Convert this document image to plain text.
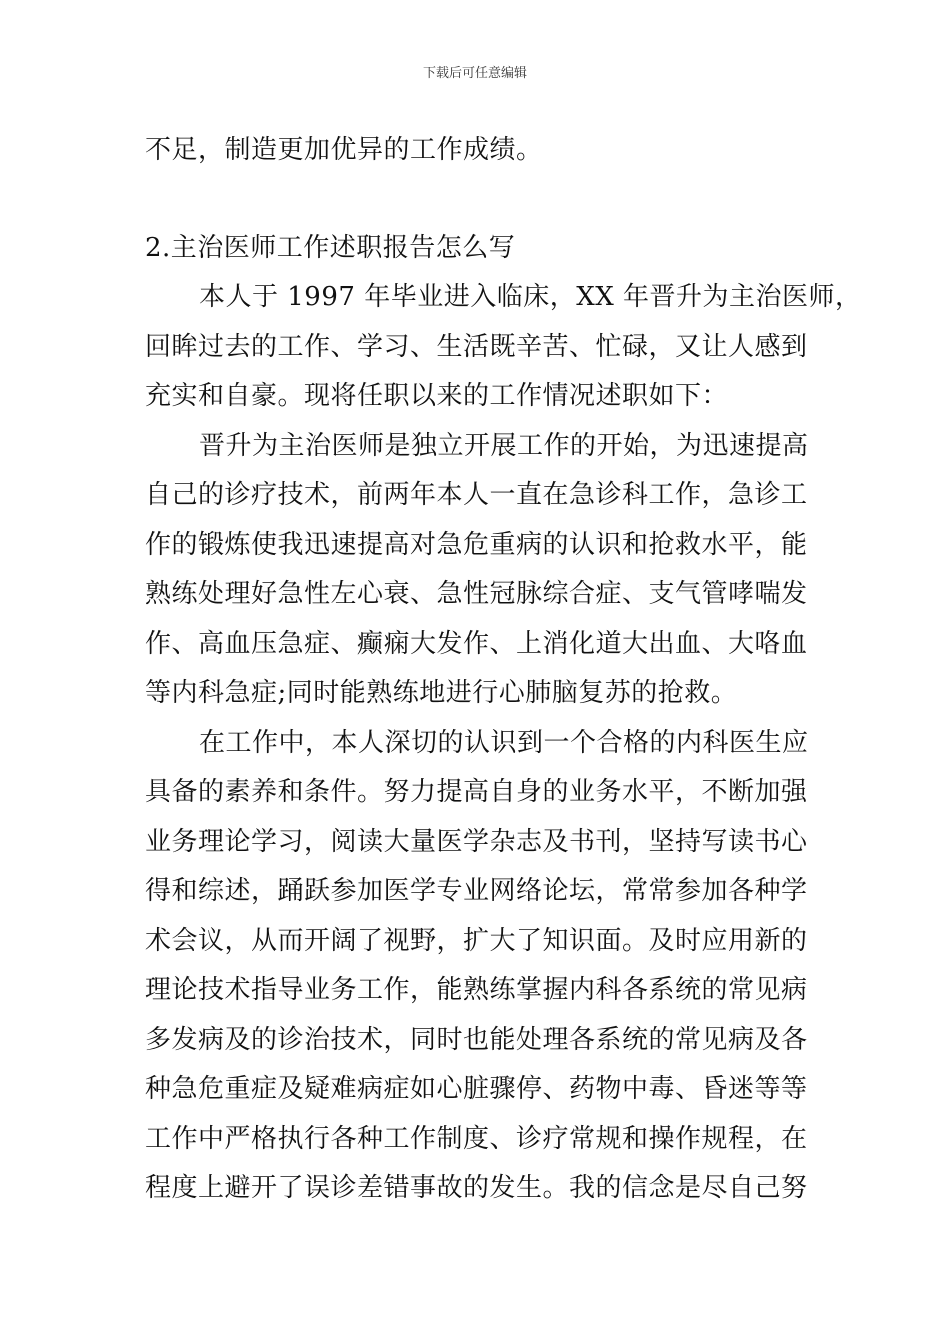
下载后可任意编辑
不足，制造更加优异的工作成绩。
2.主治医师工作述职报告怎么写
本人于 1997 年毕业进入临床，XX 年晋升为主治医师，
回眸过去的工作、学习、生活既辛苦、忙碌，又让人感到
充实和自豪。现将任职以来的工作情况述职如下：
晋升为主治医师是独立开展工作的开始，为迅速提高
自己的诊疗技术，前两年本人一直在急诊科工作，急诊工
作的锻炼使我迅速提高对急危重病的认识和抢救水平，能
熟练处理好急性左心衰、急性冠脉综合症、支气管哮喘发
作、高血压急症、癫痫大发作、上消化道大出血、大咯血
等内科急症;同时能熟练地进行心肺脑复苏的抢救。
在工作中，本人深切的认识到一个合格的内科医生应
具备的素养和条件。努力提高自身的业务水平，不断加强
业务理论学习，阅读大量医学杂志及书刊，坚持写读书心
得和综述，踊跃参加医学专业网络论坛，常常参加各种学
术会议，从而开阔了视野，扩大了知识面。及时应用新的
理论技术指导业务工作，能熟练掌握内科各系统的常见病
多发病及的诊治技术，同时也能处理各系统的常见病及各
种急危重症及疑难病症如心脏骤停、药物中毒、昏迷等等
工作中严格执行各种工作制度、诊疗常规和操作规程，在
程度上避开了误诊差错事故的发生。我的信念是尽自己努
